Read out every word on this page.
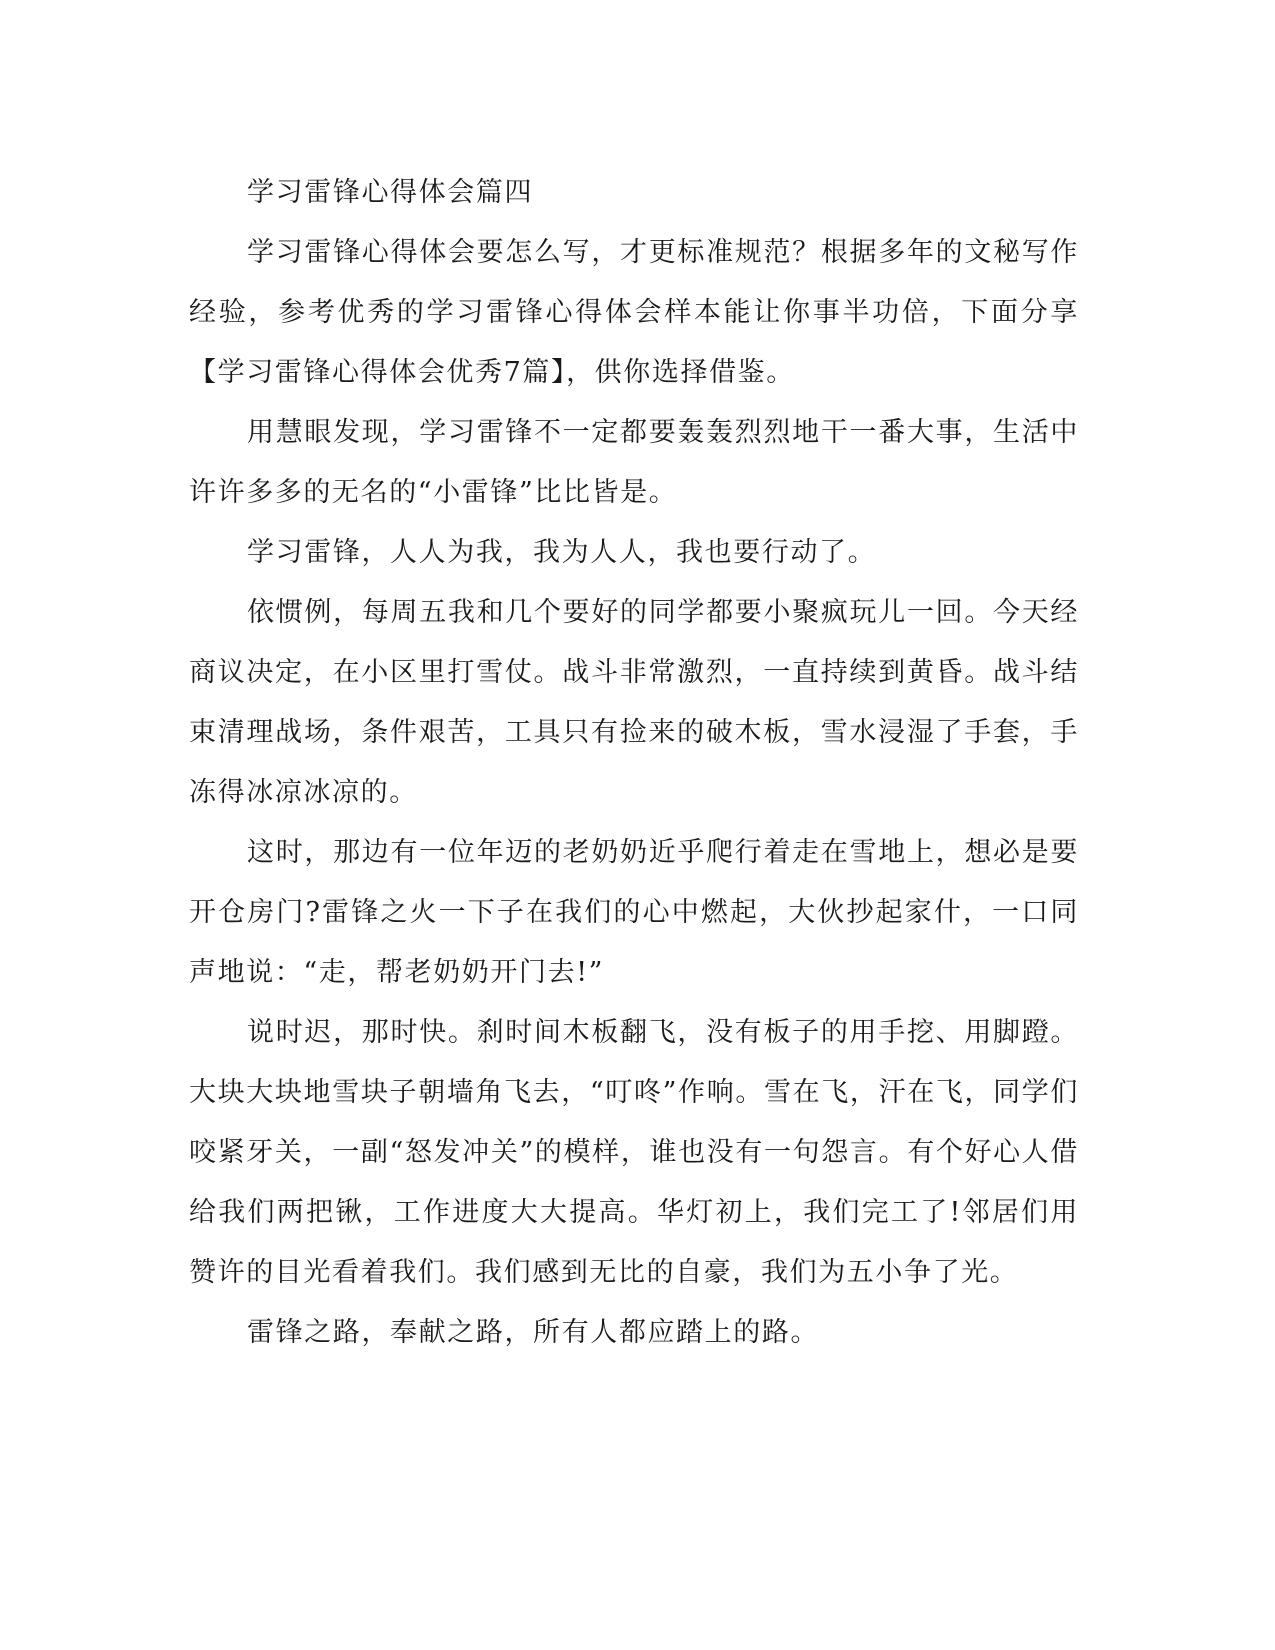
学习雷锋心得体会篇四

学习雷锋心得体会要怎么写，才更标准规范？根据多年的文秘写作经验，参考优秀的学习雷锋心得体会样本能让你事半功倍，下面分享【学习雷锋心得体会优秀7篇】，供你选择借鉴。

用慧眼发现，学习雷锋不一定都要轰轰烈烈地干一番大事，生活中许许多多的无名的“小雷锋”比比皆是。

学习雷锋，人人为我，我为人人，我也要行动了。

依惯例，每周五我和几个要好的同学都要小聚疯玩儿一回。今天经商议决定，在小区里打雪仗。战斗非常激烈，一直持续到黄昏。战斗结束清理战场，条件艰苦，工具只有捡来的破木板，雪水浸湿了手套，手冻得冰凉冰凉的。

这时，那边有一位年迈的老奶奶近乎爬行着走在雪地上，想必是要开仓房门?雷锋之火一下子在我们的心中燃起，大伙抄起家什，一口同声地说：“走，帮老奶奶开门去!”

说时迟，那时快。刹时间木板翻飞，没有板子的用手挖、用脚蹬。大块大块地雪块子朝墙角飞去，“叮咚”作响。雪在飞，汗在飞，同学们咬紧牙关，一副“怒发冲关”的模样，谁也没有一句怨言。有个好心人借给我们两把锹，工作进度大大提高。华灯初上，我们完工了!邻居们用赞许的目光看着我们。我们感到无比的自豪，我们为五小争了光。

雷锋之路，奉献之路，所有人都应踏上的路。
